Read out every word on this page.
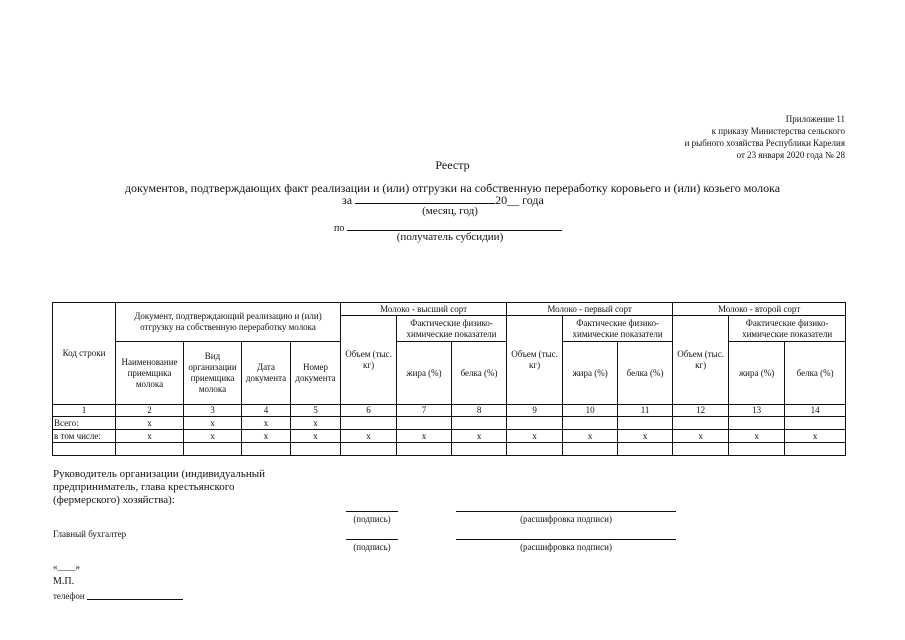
Приложение 11
к приказу Министерства сельского
и рыбного хозяйства Республики Карелия
от 23 января 2020 года № 28
Реестр
документов, подтверждающих факт реализации и (или) отгрузки на собственную переработку коровьего и (или) козьего молока
за	20__ года
(месяц, год)
по
(получатель субсидии)
Код строки	Документ, подтверждающий реализацию и (или) отгрузку на собственную переработку молока				Молоко - высший сорт			Молоко - первый сорт			Молоко - второй сорт		
					Объем (тыс. кг)	Фактические физико-химические показатели		Объем (тыс. кг)	Фактические физико-химические показатели		Объем (тыс. кг)	Фактические физико-химические показатели	
	Наименование приемщика молока	Вид организации приемщика молока	Дата документа	Номер документа		жира (%)	белка (%)		жира (%)	белка (%)		жира (%)	белка (%)
1	2	3	4	5	6	7	8	9	10	11	12	13	14
Всего:	x	x	x	x									
в том числе:	x	x	x	x	x	x	x	x	x	x	x	x	x

Руководитель организации (индивидуальный
предприниматель, глава крестьянского
(фермерского) хозяйства):
(подпись)	(расшифровка подписи)
Главный бухгалтер
(подпись)	(расшифровка подписи)
«____»
М.П.
телефон
